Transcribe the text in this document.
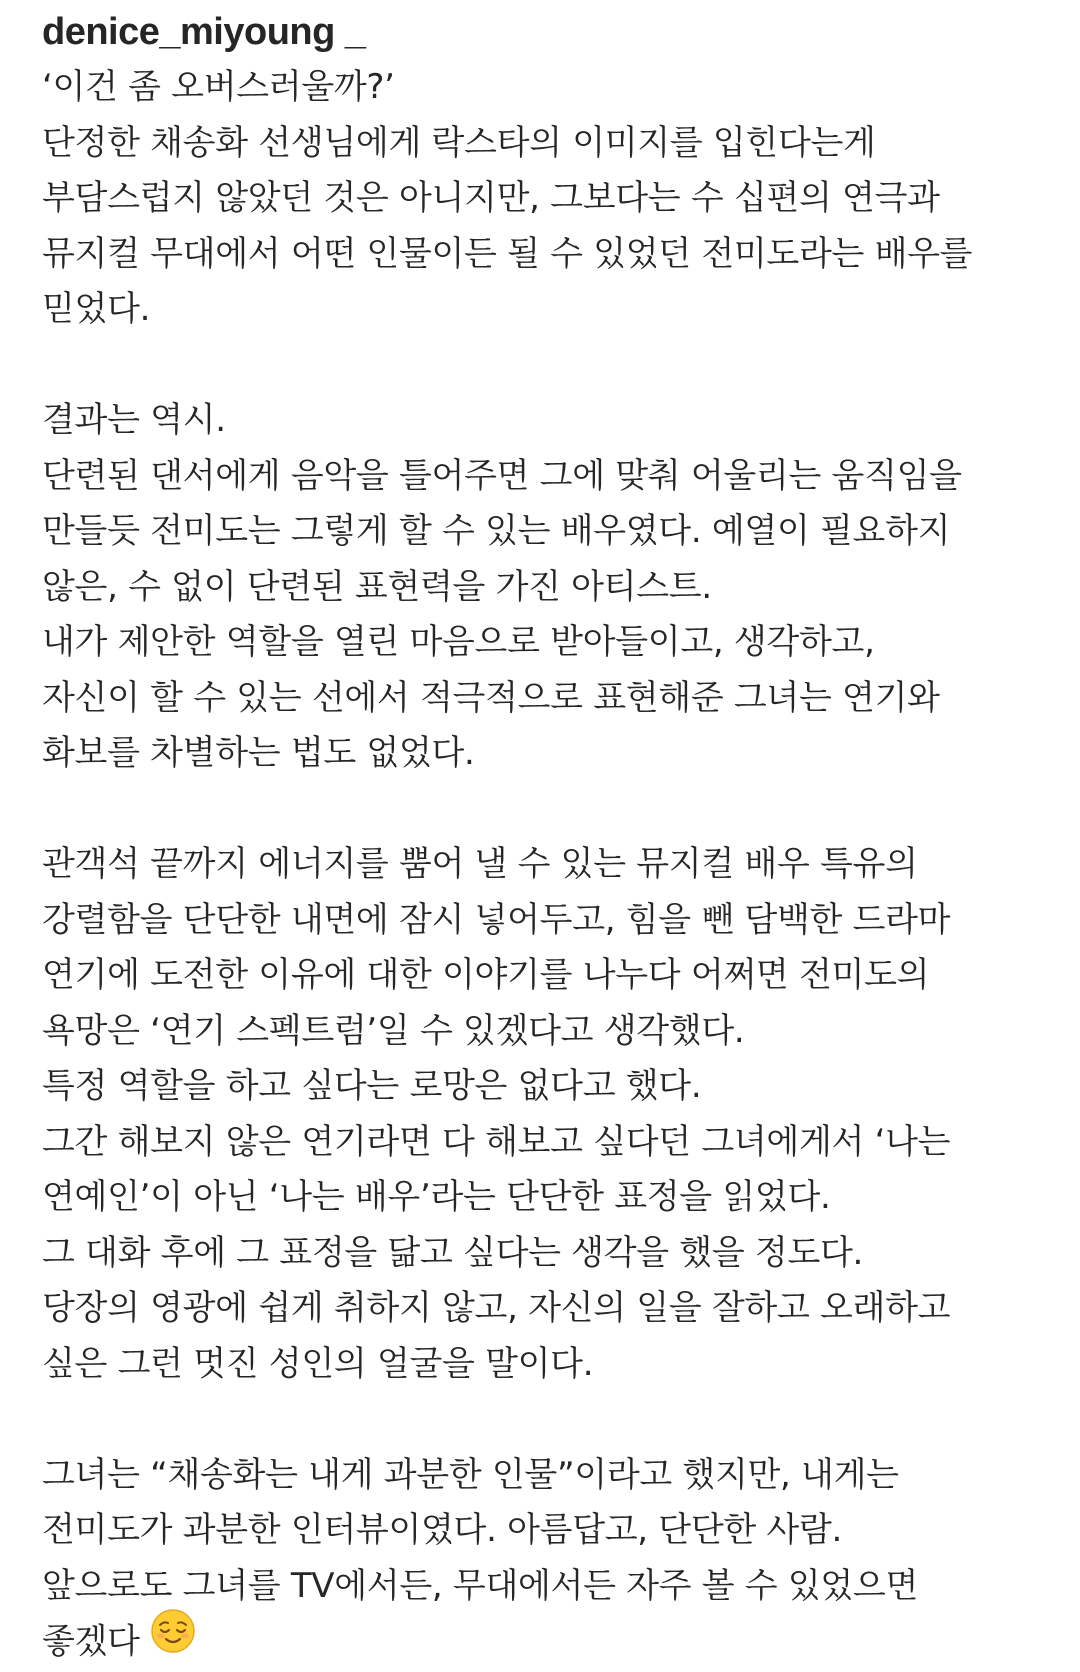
denice_miyoung _
‘이건 좀 오버스러울까?’
단정한 채송화 선생님에게 락스타의 이미지를 입힌다는게
부담스럽지 않았던 것은 아니지만, 그보다는 수 십편의 연극과
뮤지컬 무대에서 어떤 인물이든 될 수 있었던 전미도라는 배우를
믿었다.
결과는 역시.
단련된 댄서에게 음악을 틀어주면 그에 맞춰 어울리는 움직임을
만들듯 전미도는 그렇게 할 수 있는 배우였다. 예열이 필요하지
않은, 수 없이 단련된 표현력을 가진 아티스트.
내가 제안한 역할을 열린 마음으로 받아들이고, 생각하고,
자신이 할 수 있는 선에서 적극적으로 표현해준 그녀는 연기와
화보를 차별하는 법도 없었다.
관객석 끝까지 에너지를 뿜어 낼 수 있는 뮤지컬 배우 특유의
강렬함을 단단한 내면에 잠시 넣어두고, 힘을 뺀 담백한 드라마
연기에 도전한 이유에 대한 이야기를 나누다 어쩌면 전미도의
욕망은 ‘연기 스펙트럼’일 수 있겠다고 생각했다.
특정 역할을 하고 싶다는 로망은 없다고 했다.
그간 해보지 않은 연기라면 다 해보고 싶다던 그녀에게서 ‘나는
연예인’이 아닌 ‘나는 배우’라는 단단한 표정을 읽었다.
그 대화 후에 그 표정을 닮고 싶다는 생각을 했을 정도다.
당장의 영광에 쉽게 취하지 않고, 자신의 일을 잘하고 오래하고
싶은 그런 멋진 성인의 얼굴을 말이다.
그녀는 “채송화는 내게 과분한 인물”이라고 했지만, 내게는
전미도가 과분한 인터뷰이였다. 아름답고, 단단한 사람.
앞으로도 그녀를 TV에서든, 무대에서든 자주 볼 수 있었으면
좋겠다
